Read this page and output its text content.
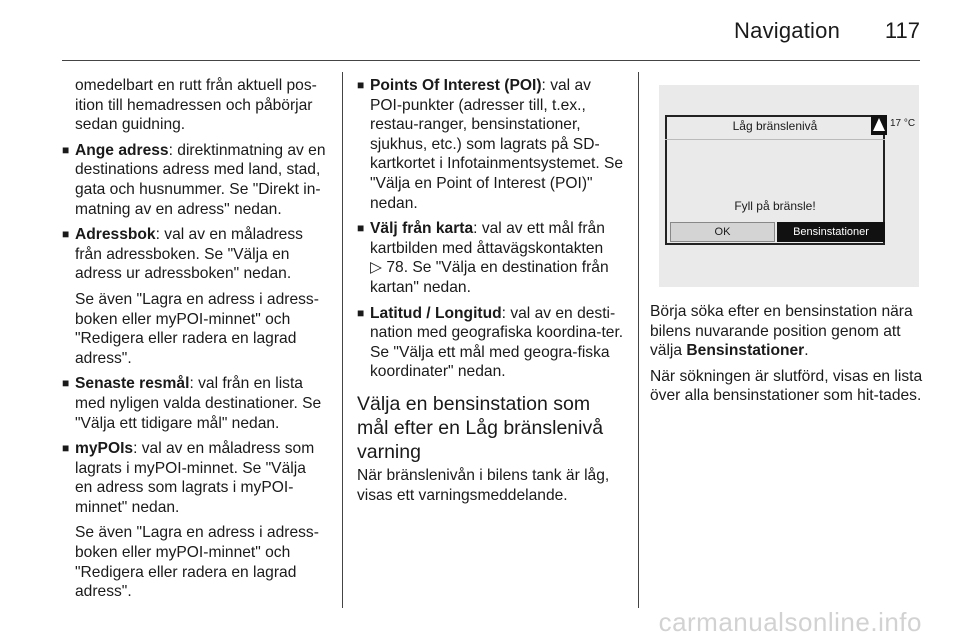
Navigation 117

omedelbart en rutt från aktuell pos-ition till hemadressen och påbörjar sedan guidning.

■ Ange adress: direktinmatning av en destinations adress med land, stad, gata och husnummer. Se "Direkt in-matning av en adress" nedan.
■ Adressbok: val av en måladress från adressboken. Se "Välja en adress ur adressboken" nedan.

Se även "Lagra en adress i adress-boken eller myPOI-minnet" och "Redigera eller radera en lagrad adress".

■ Senaste resmål: val från en lista med nyligen valda destinationer. Se "Välja ett tidigare mål" nedan.
■ myPOIs: val av en måladress som lagrats i myPOI-minnet. Se "Välja en adress som lagrats i myPOI-minnet" nedan.

Se även "Lagra en adress i adress-boken eller myPOI-minnet" och "Redigera eller radera en lagrad adress".

■ Points Of Interest (POI): val av POI-punkter (adresser till, t.ex., restau-ranger, bensinstationer, sjukhus, etc.) som lagrats på SD-kartkortet i Infotainmentsystemet. Se "Välja en Point of Interest (POI)" nedan.
■ Välj från karta: val av ett mål från kartbilden med åttavägskontakten
▷ 78. Se "Välja en destination från kartan" nedan.
■ Latitud / Longitud: val av en desti-nation med geografiska koordina-ter. Se "Välja ett mål med geogra-fiska koordinater" nedan.
Välja en bensinstation som mål efter en Låg bränslenivå varning

När bränslenivån i bilens tank är låg, visas ett varningsmeddelande.

Låg bränslenivå	17 °C
Fyll på bränsle!
OK	Bensinstationer

Börja söka efter en bensinstation nära bilens nuvarande position genom att välja Bensinstationer.

När sökningen är slutförd, visas en lista över alla bensinstationer som hit-tades.

carmanualsonline.info
